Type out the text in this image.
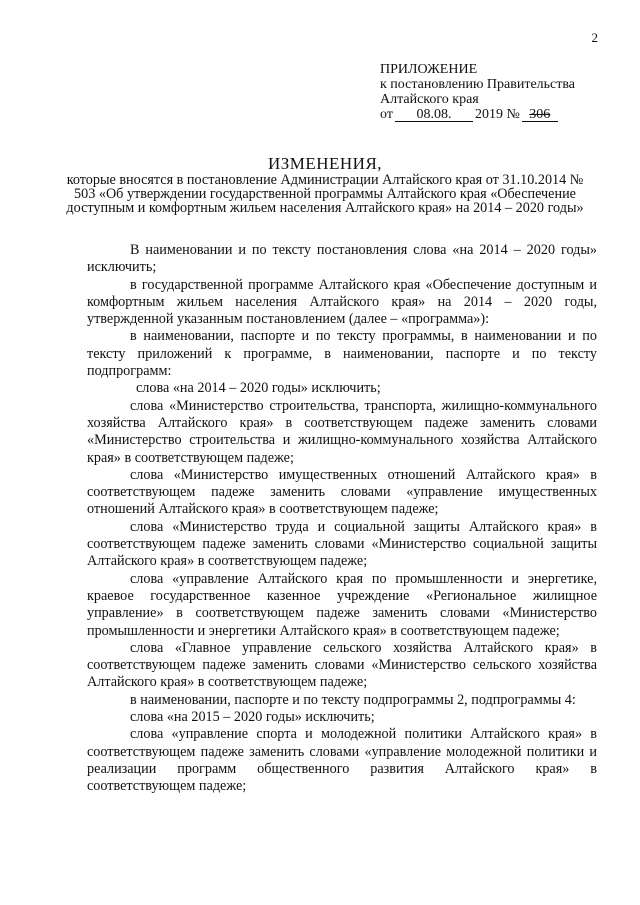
2
ПРИЛОЖЕНИЕ
к постановлению Правительства
Алтайского края
от 08.08. 2019 № 306
ИЗМЕНЕНИЯ,
которые вносятся в постановление Администрации Алтайского края от 31.10.2014 № 503 «Об утверждении государственной программы Алтайского края «Обеспечение доступным и комфортным жильем населения Алтайского края» на 2014 – 2020 годы»

В наименовании и по тексту постановления слова «на 2014 – 2020 годы» исключить;

в государственной программе Алтайского края «Обеспечение доступным и комфортным жильем населения Алтайского края» на 2014 – 2020 годы, утвержденной указанным постановлением (далее – «программа»):

в наименовании, паспорте и по тексту программы, в наименовании и по тексту приложений к программе, в наименовании, паспорте и по тексту подпрограмм:

слова «на 2014 – 2020 годы» исключить;

слова «Министерство строительства, транспорта, жилищно-коммунального хозяйства Алтайского края» в соответствующем падеже заменить словами «Министерство строительства и жилищно-коммунального хозяйства Алтайского края» в соответствующем падеже;

слова «Министерство имущественных отношений Алтайского края» в соответствующем падеже заменить словами «управление имущественных отношений Алтайского края» в соответствующем падеже;

слова «Министерство труда и социальной защиты Алтайского края» в соответствующем падеже заменить словами «Министерство социальной защиты Алтайского края» в соответствующем падеже;

слова «управление Алтайского края по промышленности и энергетике, краевое государственное казенное учреждение «Региональное жилищное управление» в соответствующем падеже заменить словами «Министерство промышленности и энергетики Алтайского края» в соответствующем падеже;

слова «Главное управление сельского хозяйства Алтайского края» в соответствующем падеже заменить словами «Министерство сельского хозяйства Алтайского края» в соответствующем падеже;

в наименовании, паспорте и по тексту подпрограммы 2, подпрограммы 4:

слова «на 2015 – 2020 годы» исключить;

слова «управление спорта и молодежной политики Алтайского края» в соответствующем падеже заменить словами «управление молодежной политики и реализации программ общественного развития Алтайского края» в соответствующем падеже;
